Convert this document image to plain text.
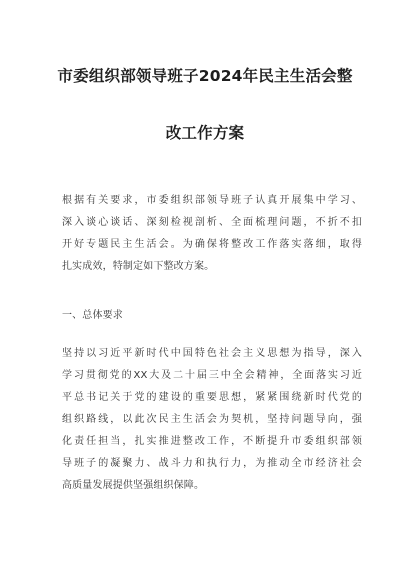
市委组织部领导班子2024年民主生活会整
改工作方案
根据有关要求，市委组织部领导班子认真开展集中学习、
深入谈心谈话、深刻检视剖析、全面梳理问题，不折不扣
开好专题民主生活会。为确保将整改工作落实落细，取得
扎实成效，特制定如下整改方案。
一、总体要求
坚持以习近平新时代中国特色社会主义思想为指导，深入
学习贯彻党的XX大及二十届三中全会精神，全面落实习近
平总书记关于党的建设的重要思想，紧紧围绕新时代党的
组织路线，以此次民主生活会为契机，坚持问题导向，强
化责任担当，扎实推进整改工作，不断提升市委组织部领
导班子的凝聚力、战斗力和执行力，为推动全市经济社会
高质量发展提供坚强组织保障。
